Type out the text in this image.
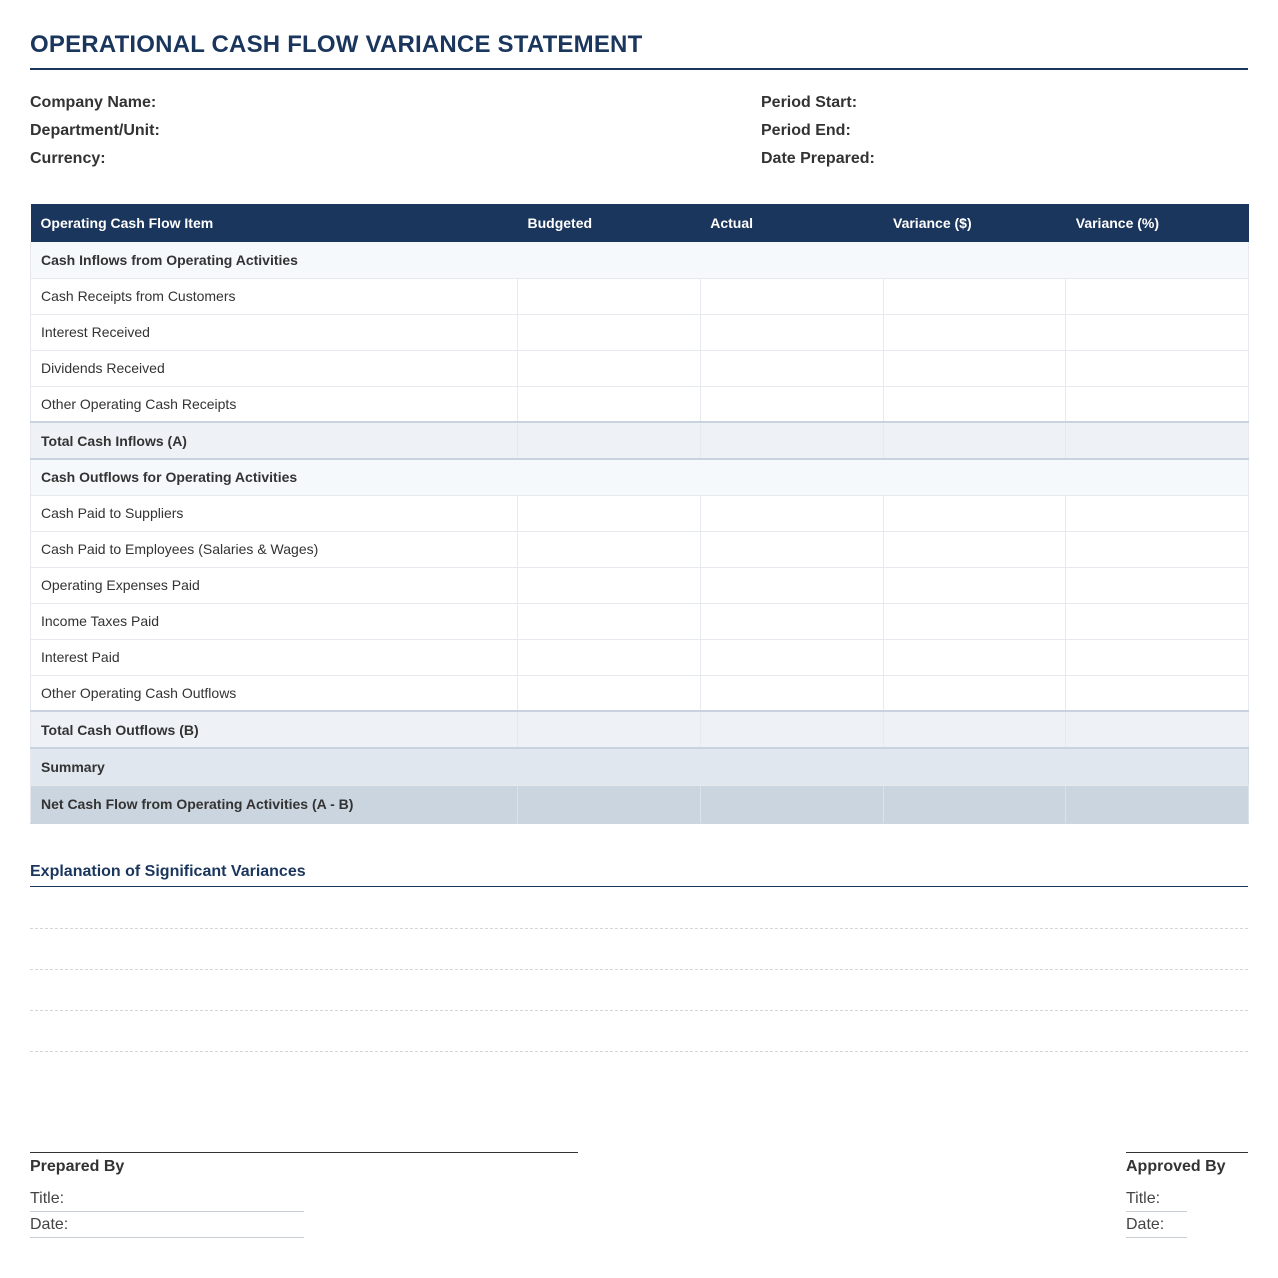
OPERATIONAL CASH FLOW VARIANCE STATEMENT
Company Name:
Department/Unit:
Currency:
Period Start:
Period End:
Date Prepared:
Operating Cash Flow Item	Budgeted	Actual	Variance ($)	Variance (%)
Cash Inflows from Operating Activities				
Cash Receipts from Customers				
Interest Received				
Dividends Received				
Other Operating Cash Receipts				
Total Cash Inflows (A)				
Cash Outflows for Operating Activities				
Cash Paid to Suppliers				
Cash Paid to Employees (Salaries & Wages)				
Operating Expenses Paid				
Income Taxes Paid				
Interest Paid				
Other Operating Cash Outflows				
Total Cash Outflows (B)				
Summary				
Net Cash Flow from Operating Activities (A - B)				
Explanation of Significant Variances
Prepared By
Title:
Date:
Approved By
Title:
Date:
